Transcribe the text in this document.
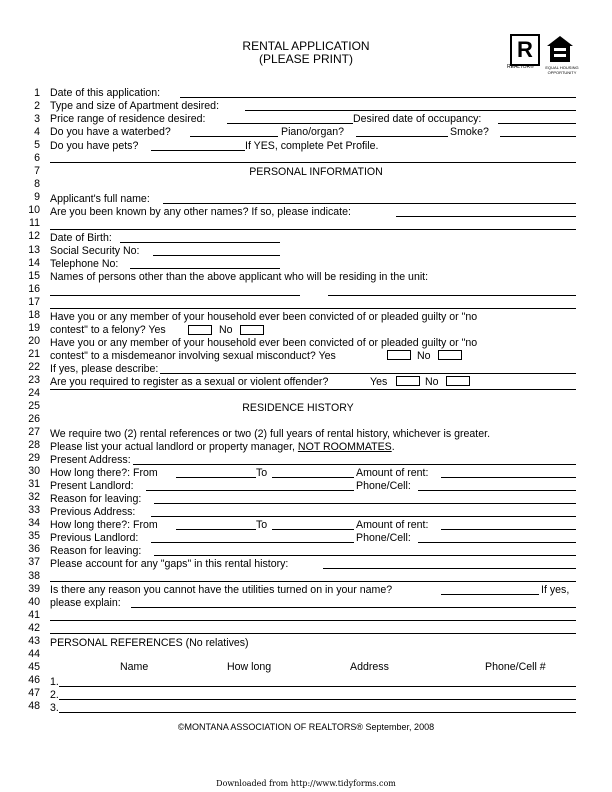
RENTAL APPLICATION
(PLEASE PRINT)	R
REALTOR®	EQUAL HOUSING OPPORTUNITY
1
2
3
4
5
6
7
8
9
10
11
12
13
14
15
16
17
18
19
20
21
22
23
24
25
26
27
28
29
30
31
32
33
34
35
36
37
38
39
40
41
42
43
44
45
46
47
48
Date of this application:
Type and size of Apartment desired:
Price range of residence desired:	Desired date of occupancy:
Do you have a waterbed?	Piano/organ?	Smoke?
Do you have pets?	If YES, complete Pet Profile.
PERSONAL INFORMATION
Applicant's full name:
Are you been known by any other names? If so, please indicate:
Date of Birth:
Social Security No:
Telephone No:
Names of persons other than the above applicant who will be residing in the unit:
Have you or any member of your household ever been convicted of or pleaded guilty or "no
contest" to a felony? Yes	No
Have you or any member of your household ever been convicted of or pleaded guilty or "no
contest" to a misdemeanor involving sexual misconduct? Yes	No
If yes, please describe:
Are you required to register as a sexual or violent offender?	Yes	No
RESIDENCE HISTORY
We require two (2) rental references or two (2) full years of rental history, whichever is greater.
Please list your actual landlord or property manager, NOT ROOMMATES.
Present Address:
How long there?: From	To	Amount of rent:
Present Landlord:	Phone/Cell:
Reason for leaving:
Previous Address:
How long there?: From	To	Amount of rent:
Previous Landlord:	Phone/Cell:
Reason for leaving:
Please account for any "gaps" in this rental history:
Is there any reason you cannot have the utilities turned on in your name?	If yes,
please explain:
PERSONAL REFERENCES (No relatives)
Name	How long	Address	Phone/Cell #
1.
2.
3.
©MONTANA ASSOCIATION OF REALTORS® September, 2008
Downloaded from http://www.tidyforms.com
